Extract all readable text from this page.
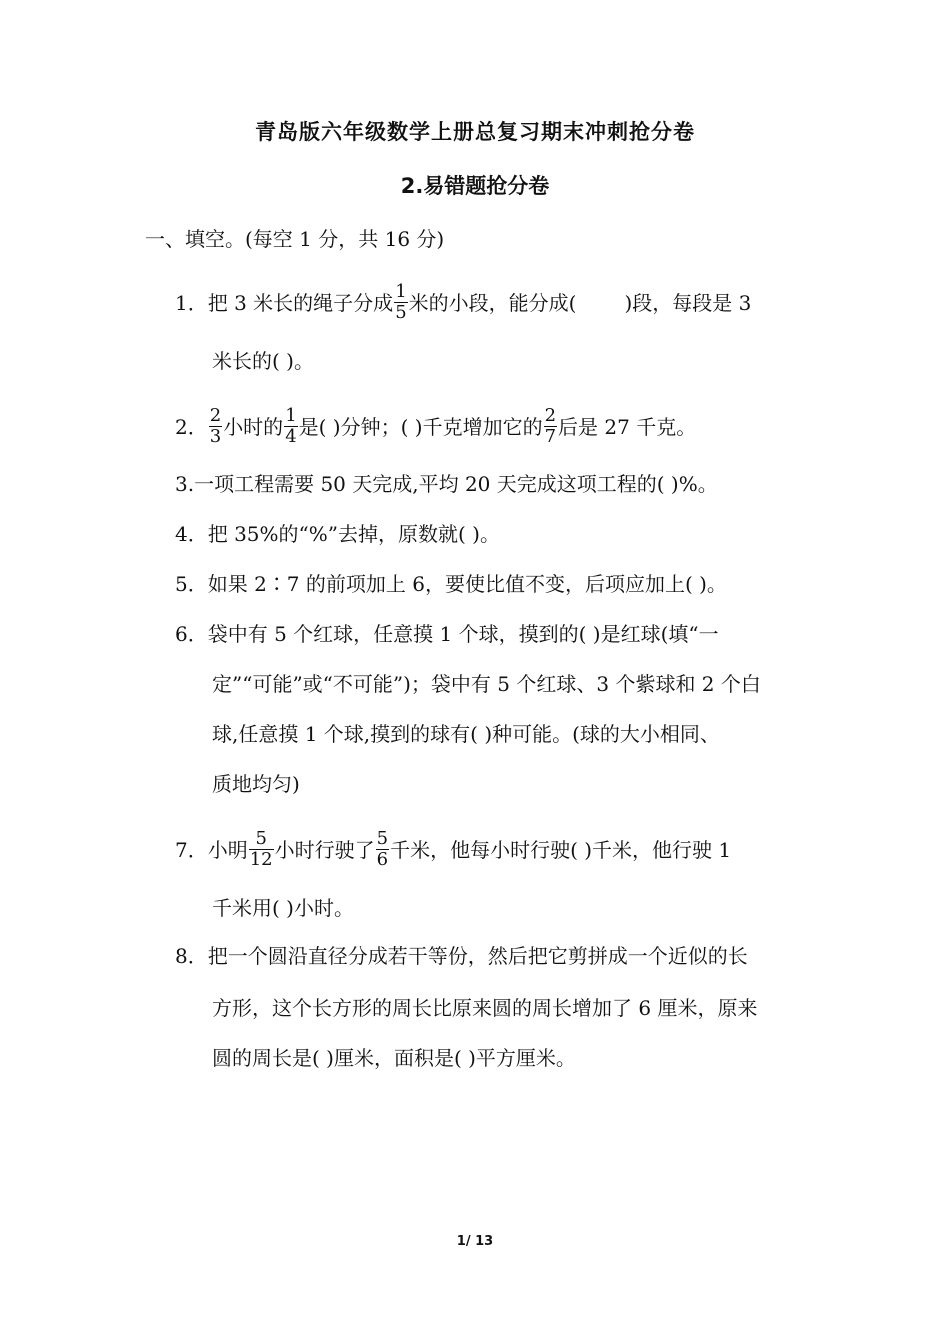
青岛版六年级数学上册总复习期末冲刺抢分卷
2.易错题抢分卷
一、填空。(每空 1 分，共 16 分)
1．把 3 米长的绳子分成 $\frac{1}{5}$ 米的小段，能分成( )段，每段是 3
米长的( )。
2． $\frac{2}{3}$ 小时的 $\frac{1}{4}$ 是( )分钟；( )千克增加它的 $\frac{2}{7}$ 后是 27 千克。
3.一项工程需要 50 天完成,平均 20 天完成这项工程的( )%。
4．把 35%的“%”去掉，原数就( )。
5．如果 2∶7 的前项加上 6，要使比值不变，后项应加上( )。
6．袋中有 5 个红球，任意摸 1 个球，摸到的( )是红球(填“一
定”“可能”或“不可能”)；袋中有 5 个红球、3 个紫球和 2 个白
球,任意摸 1 个球,摸到的球有( )种可能。(球的大小相同、
质地均匀)
7．小明 $\frac{5}{12}$ 小时行驶了 $\frac{5}{6}$ 千米，他每小时行驶( )千米，他行驶 1
千米用( )小时。
8．把一个圆沿直径分成若干等份，然后把它剪拼成一个近似的长
方形，这个长方形的周长比原来圆的周长增加了 6 厘米，原来
圆的周长是( )厘米，面积是( )平方厘米。
1/ 13
